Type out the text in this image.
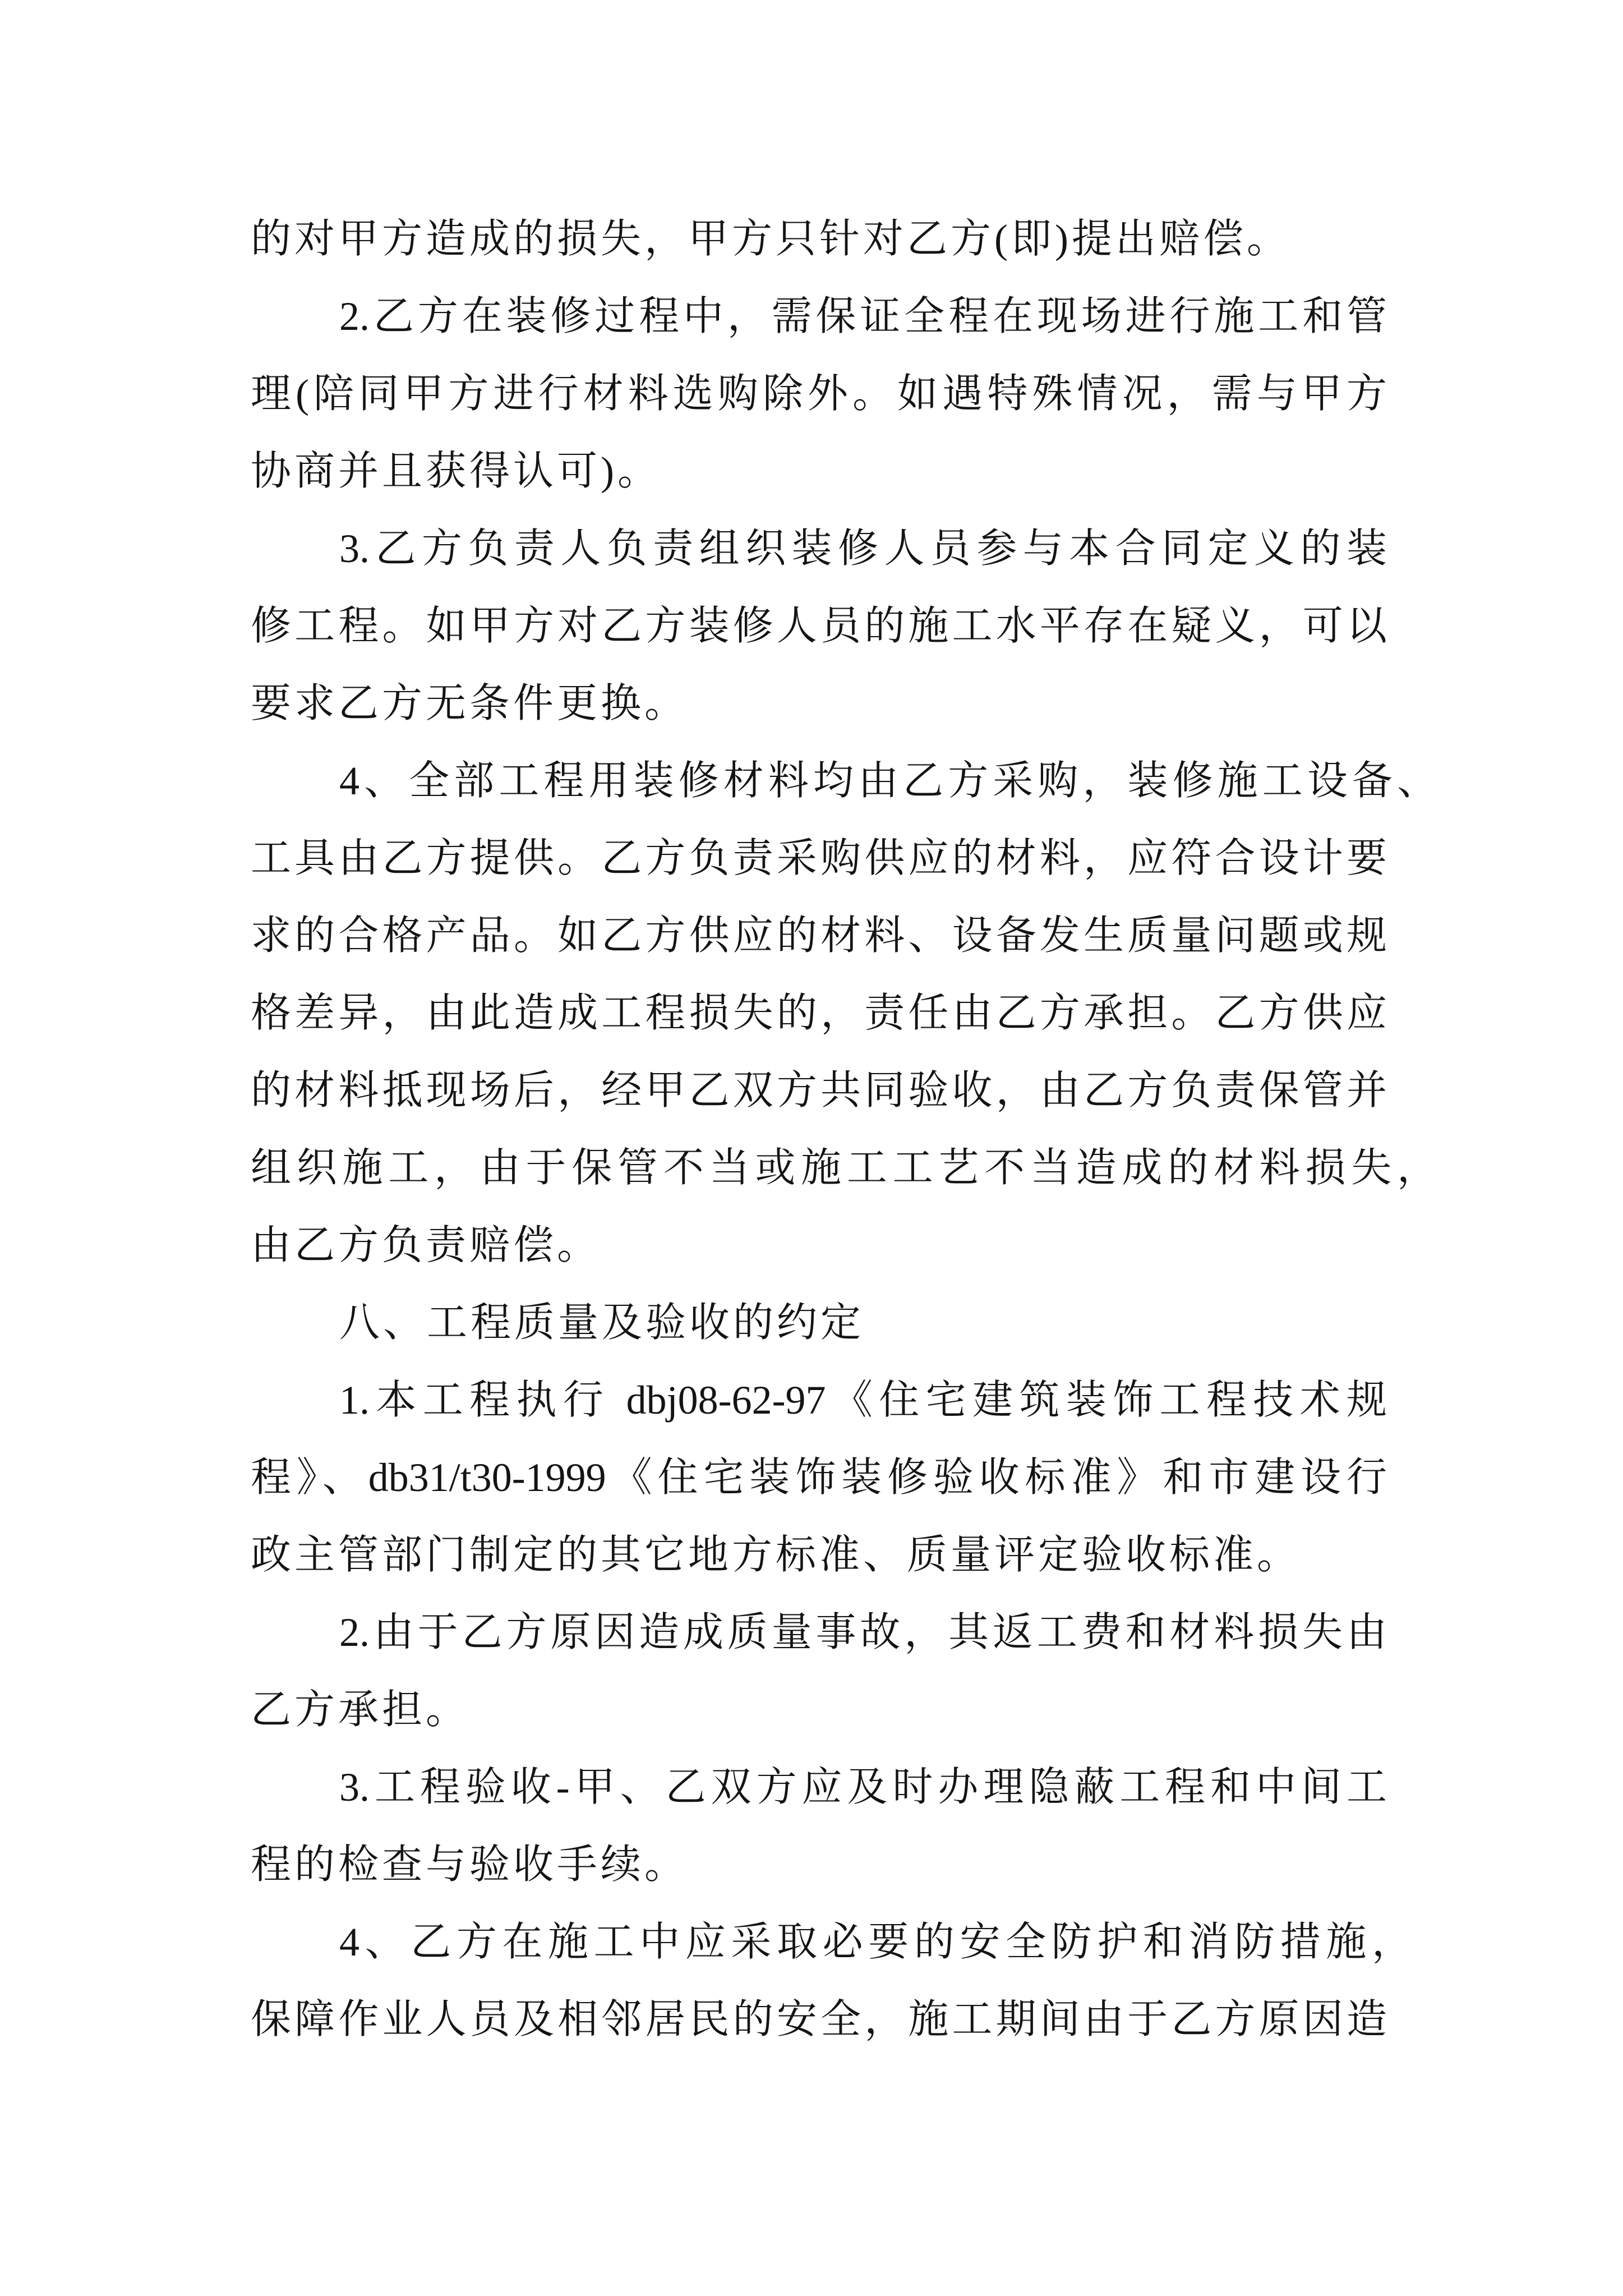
的对甲方造成的损失，甲方只针对乙方(即)提出赔偿。
2.乙方在装修过程中，需保证全程在现场进行施工和管
理(陪同甲方进行材料选购除外。如遇特殊情况，需与甲方
协商并且获得认可)。
3.乙方负责人负责组织装修人员参与本合同定义的装
修工程。如甲方对乙方装修人员的施工水平存在疑义，可以
要求乙方无条件更换。
4、全部工程用装修材料均由乙方采购，装修施工设备、
工具由乙方提供。乙方负责采购供应的材料，应符合设计要
求的合格产品。如乙方供应的材料、设备发生质量问题或规
格差异，由此造成工程损失的，责任由乙方承担。乙方供应
的材料抵现场后，经甲乙双方共同验收，由乙方负责保管并
组织施工，由于保管不当或施工工艺不当造成的材料损失，
由乙方负责赔偿。
八、工程质量及验收的约定
1.本工程执行 dbj08-62-97《住宅建筑装饰工程技术规
程》、db31/t30-1999《住宅装饰装修验收标准》和市建设行
政主管部门制定的其它地方标准、质量评定验收标准。
2.由于乙方原因造成质量事故，其返工费和材料损失由
乙方承担。
3.工程验收-甲、乙双方应及时办理隐蔽工程和中间工
程的检查与验收手续。
4、乙方在施工中应采取必要的安全防护和消防措施，
保障作业人员及相邻居民的安全，施工期间由于乙方原因造
